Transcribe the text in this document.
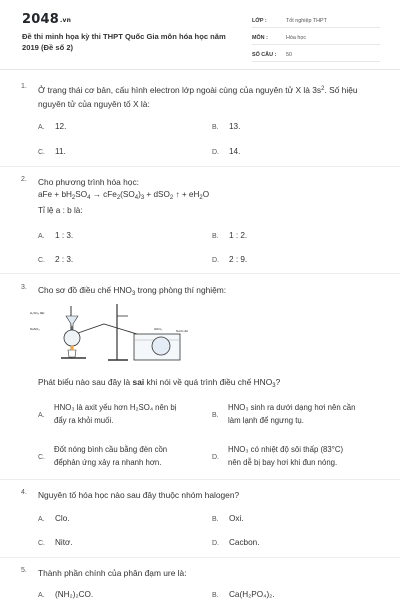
2048.vn
Đề thi minh họa kỳ thi THPT Quốc Gia môn hóa học năm 2019 (Đề số 2)
LỚP :	Tốt nghiệp THPT
MÔN :	Hóa học
SỐ CÂU :	50
1. Ở trạng thái cơ bản, cấu hình electron lớp ngoài cùng của nguyên tử X là $3s^2$. Số hiệu nguyên tử của nguyên tố X là:
A. 12.	B. 13.
C. 11.	D. 14.
2. Cho phương trình hóa học:
aFe + $bH_2SO_4 \to cFe_2(SO_4)_3 + dSO_2$ ↑ + $eH_2O$
Tỉ lệ a : b là:
A. 1 : 3.	B. 1 : 2.
C. 2 : 3.	D. 2 : 9.
3. Cho sơ đồ điều chế $HNO_3$ trong phòng thí nghiệm:
H₂SO₄ đặc
NaNO₃	HNO₃	Nước đá
Phát biểu nào sau đây là sai khi nói về quá trình điều chế $HNO_3$?
A.
HNO₃ là axit yếu hơn H₂SO₄ nên bị
đẩy ra khỏi muối.
B.
HNO₃ sinh ra dưới dạng hơi nên cần
làm lạnh để ngưng tụ.
C.
Đốt nóng bình cầu bằng đèn cồn
đểphản ứng xảy ra nhanh hơn.
D.
HNO₃ có nhiệt độ sôi thấp (83°C)
nên dễ bị bay hơi khi đun nóng.
4. Nguyên tố hóa học nào sau đây thuộc nhóm halogen?
A. Clo.	B. Oxi.
C. Nitơ.	D. Cacbon.
5. Thành phần chính của phân đạm ure là:
A. (NH₂)₂CO.	B. Ca(H₂PO₄)₂.
